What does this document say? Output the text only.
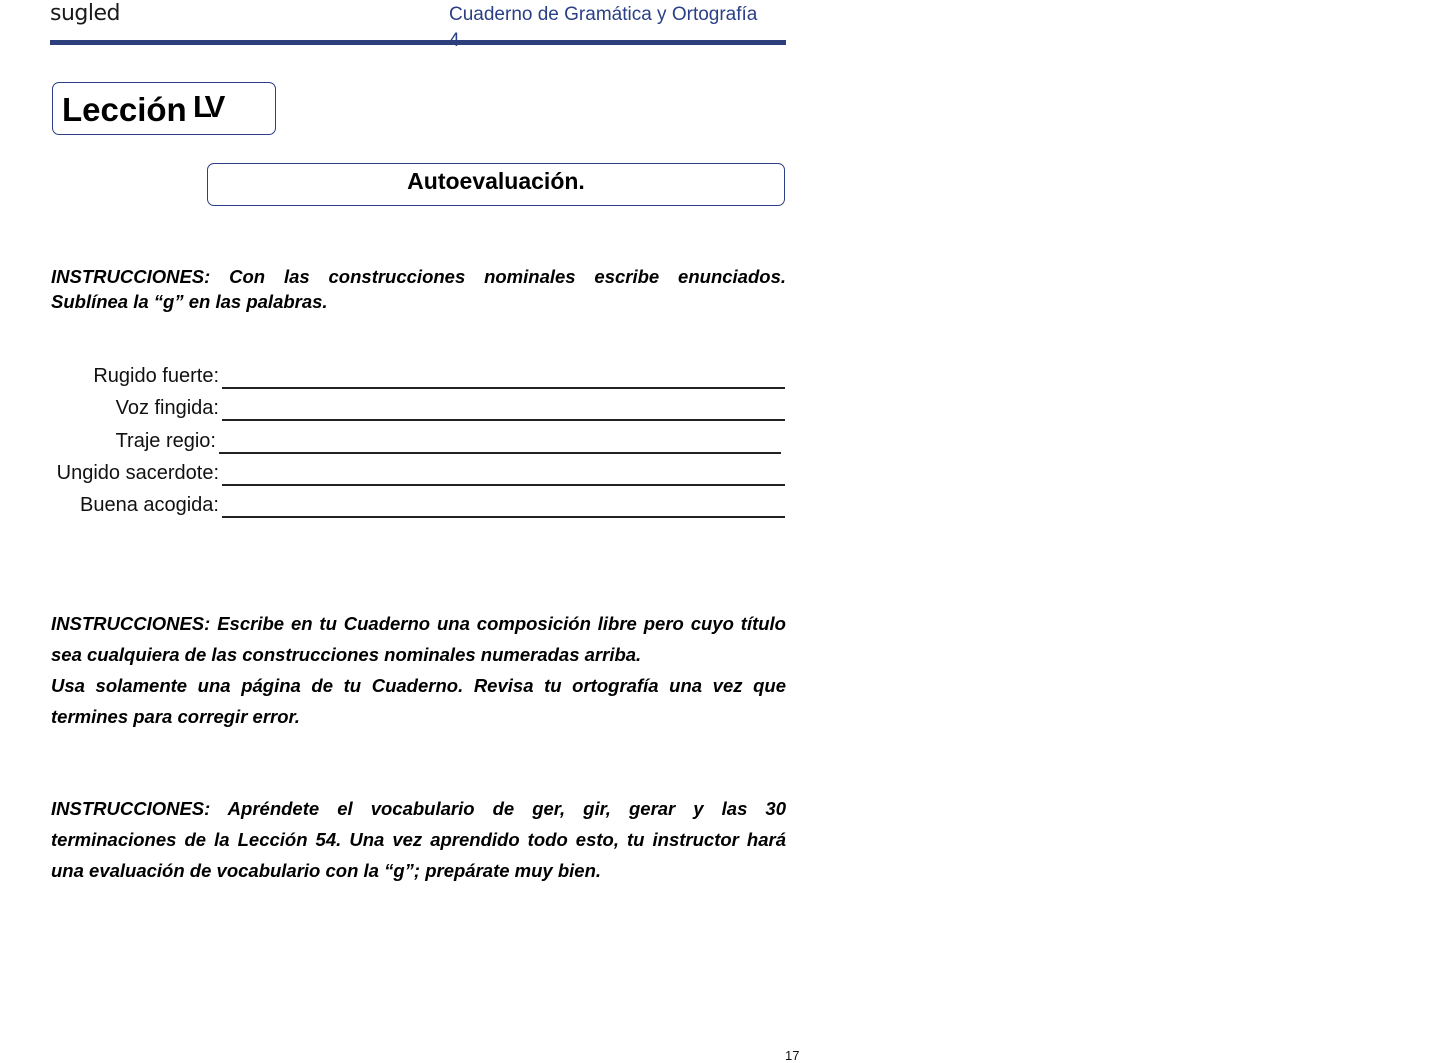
sugled	Cuaderno de Gramática y Ortografía
Lección LV
Autoevaluación.
INSTRUCCIONES: Con las construcciones nominales escribe enunciados. Sublínea la “g” en las palabras.
Rugido fuerte:
Voz fingida:
Traje regio:
Ungido sacerdote:
Buena acogida:
INSTRUCCIONES: Escribe en tu Cuaderno una composición libre pero cuyo título sea cualquiera de las construcciones nominales numeradas arriba.
Usa solamente una página de tu Cuaderno. Revisa tu ortografía una vez que termines para corregir error.
INSTRUCCIONES: Apréndete el vocabulario de ger, gir, gerar y las 30 terminaciones de la Lección 54. Una vez aprendido todo esto, tu instructor hará una evaluación de vocabulario con la “g”; prepárate muy bien.
17
